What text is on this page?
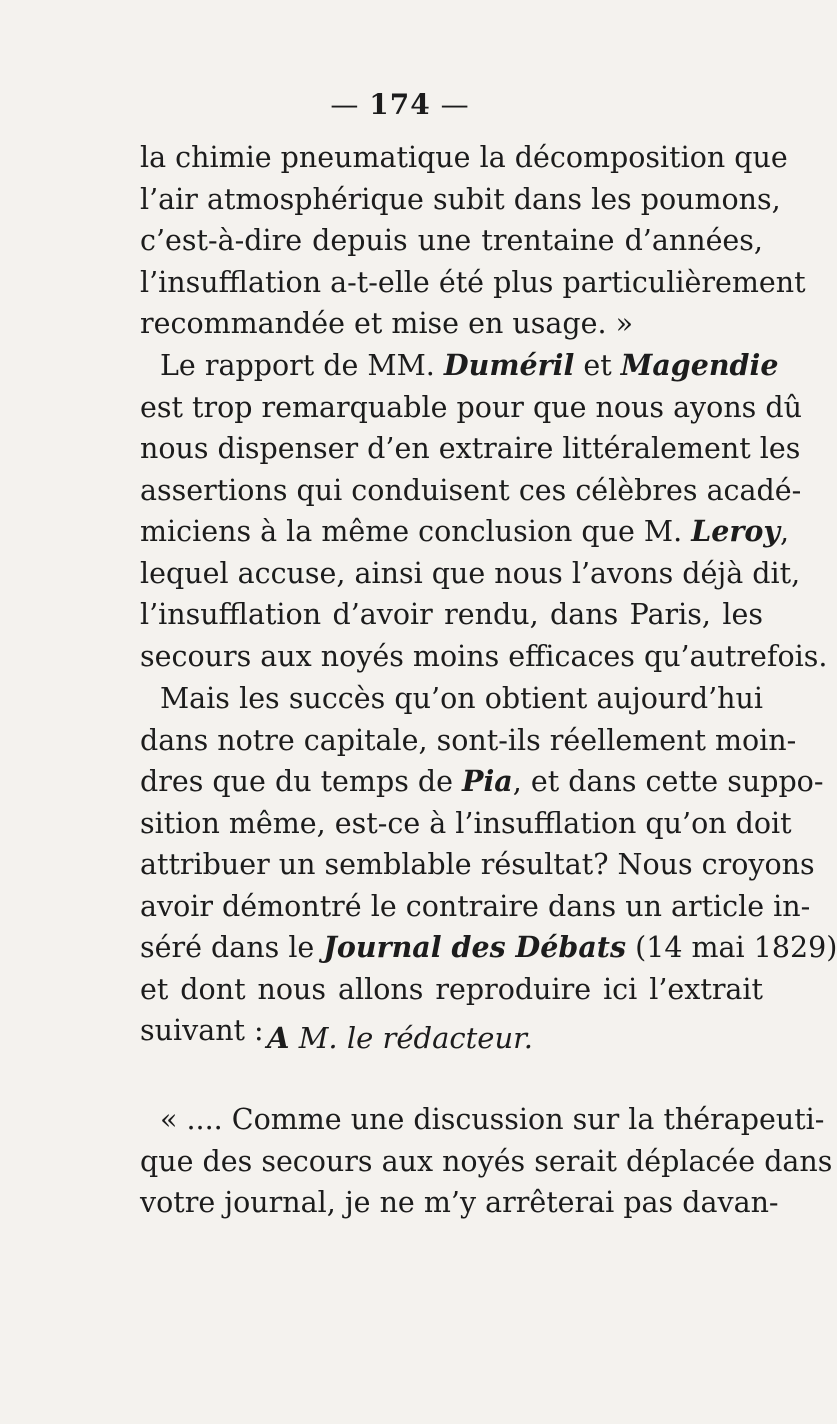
— 174 —
la chimie pneumatique la décomposition que
l’air atmosphérique subit dans les poumons,
c’est-à-dire depuis une trentaine d’années,
l’insufflation a-t-elle été plus particulièrement
recommandée et mise en usage. »
Le rapport de MM. Duméril et Magendie
est trop remarquable pour que nous ayons dû
nous dispenser d’en extraire littéralement les
assertions qui conduisent ces célèbres acadé-
miciens à la même conclusion que M. Leroy,
lequel accuse, ainsi que nous l’avons déjà dit,
l’insufflation d’avoir rendu, dans Paris, les
secours aux noyés moins efficaces qu’autrefois.
Mais les succès qu’on obtient aujourd’hui
dans notre capitale, sont-ils réellement moin-
dres que du temps de Pia, et dans cette suppo-
sition même, est-ce à l’insufflation qu’on doit
attribuer un semblable résultat? Nous croyons
avoir démontré le contraire dans un article in-
séré dans le Journal des Débats (14 mai 1829)
et dont nous allons reproduire ici l’extrait
suivant : A M. le rédacteur.
« .... Comme une discussion sur la thérapeuti-
que des secours aux noyés serait déplacée dans
votre journal, je ne m’y arrêterai pas davan-
